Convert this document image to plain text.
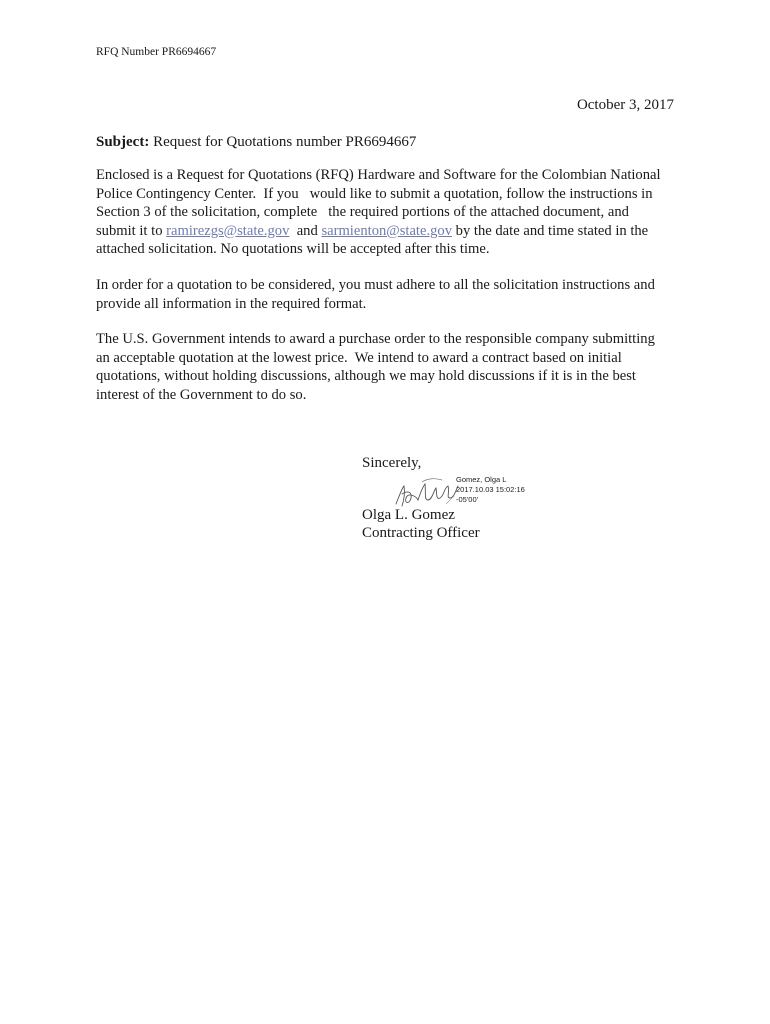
RFQ Number PR6694667
October 3, 2017
Subject: Request for Quotations number PR6694667
Enclosed is a Request for Quotations (RFQ) Hardware and Software for the Colombian National
Police Contingency Center.  If you   would like to submit a quotation, follow the instructions in
Section 3 of the solicitation, complete   the required portions of the attached document, and
submit it to ramirezgs@state.gov  and sarmienton@state.gov by the date and time stated in the
attached solicitation. No quotations will be accepted after this time.
In order for a quotation to be considered, you must adhere to all the solicitation instructions and
provide all information in the required format.
The U.S. Government intends to award a purchase order to the responsible company submitting
an acceptable quotation at the lowest price.  We intend to award a contract based on initial
quotations, without holding discussions, although we may hold discussions if it is in the best
interest of the Government to do so.
Sincerely,
Gomez, Olga L
2017.10.03 15:02:16
-05'00'
Olga L. Gomez
Contracting Officer
